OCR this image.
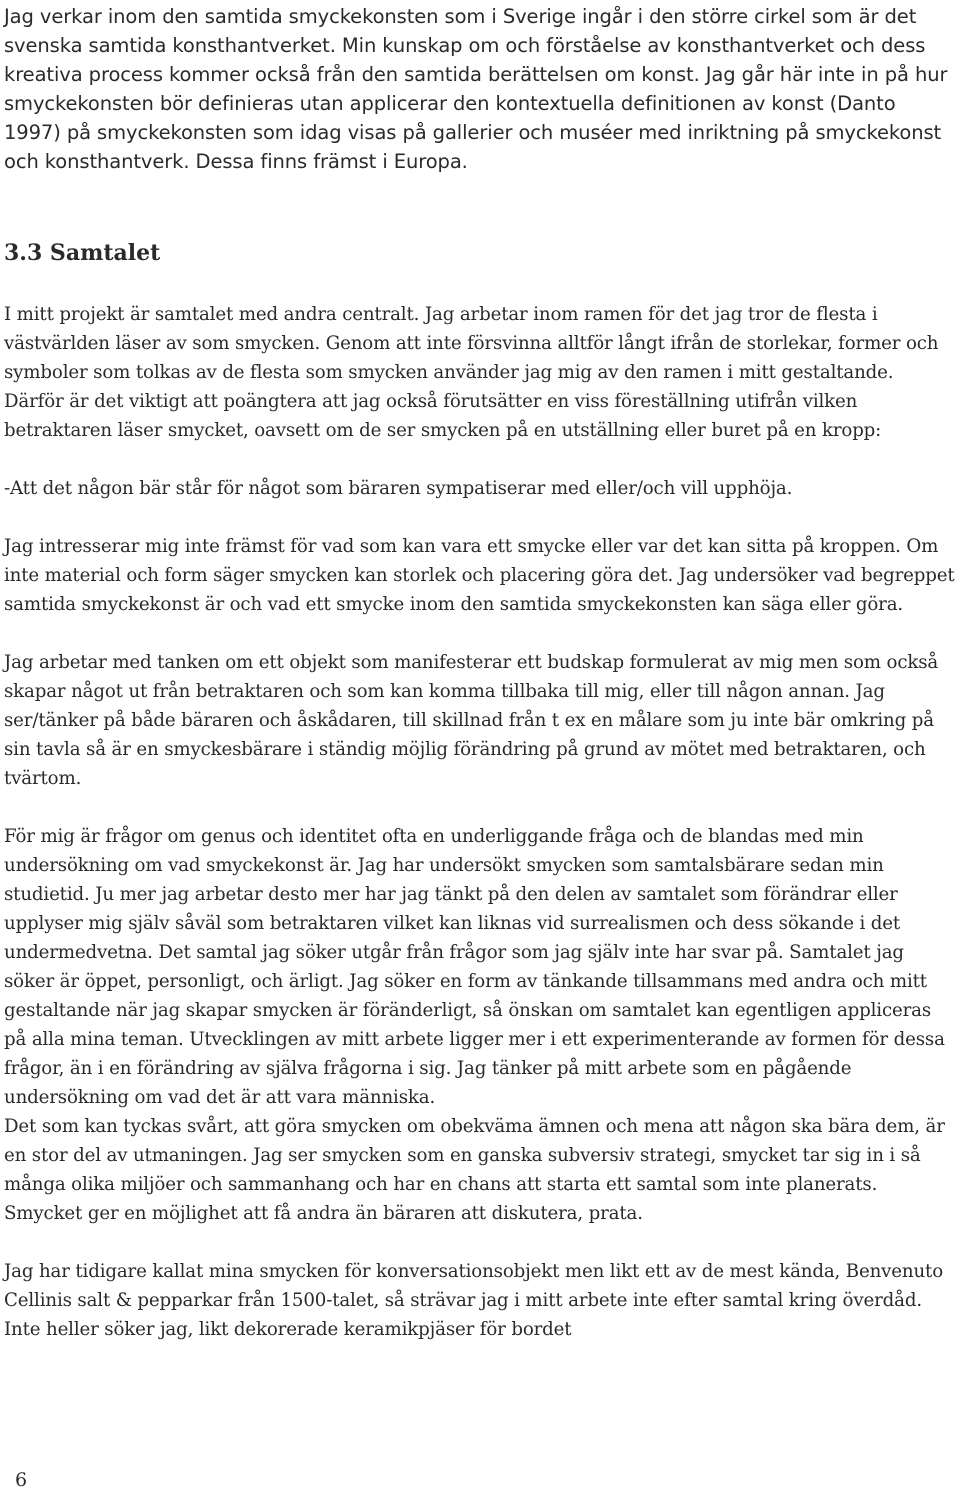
Jag verkar inom den samtida smyckekonsten som i Sverige ingår i den större cirkel som är det svenska samtida konsthantverket. Min kunskap om och förståelse av konsthantverket och dess kreativa process kommer också från den samtida berättelsen om konst. Jag går här inte in på hur smyckekonsten bör definieras utan applicerar den kontextuella definitionen av konst (Danto 1997) på smyckekonsten som idag visas på gallerier och muséer med inriktning på smyckekonst och konsthantverk. Dessa finns främst i Europa.

3.3 Samtalet

I mitt projekt är samtalet med andra centralt. Jag arbetar inom ramen för det jag tror de flesta i västvärlden läser av som smycken. Genom att inte försvinna alltför långt ifrån de storlekar, former och symboler som tolkas av de flesta som smycken använder jag mig av den ramen i mitt gestaltande.

Därför är det viktigt att poängtera att jag också förutsätter en viss föreställning utifrån vilken betraktaren läser smycket, oavsett om de ser smycken på en utställning eller buret på en kropp:

-Att det någon bär står för något som bäraren sympatiserar med eller/och vill upphöja.

Jag intresserar mig inte främst för vad som kan vara ett smycke eller var det kan sitta på kroppen. Om inte material och form säger smycken kan storlek och placering göra det. Jag undersöker vad begreppet samtida smyckekonst är och vad ett smycke inom den samtida smyckekonsten kan säga eller göra.

Jag arbetar med tanken om ett objekt som manifesterar ett budskap formulerat av mig men som också skapar något ut från betraktaren och som kan komma tillbaka till mig, eller till någon annan. Jag ser/tänker på både bäraren och åskådaren, till skillnad från t ex en målare som ju inte bär omkring på sin tavla så är en smyckesbärare i ständig möjlig förändring på grund av mötet med betraktaren, och tvärtom.

För mig är frågor om genus och identitet ofta en underliggande fråga och de blandas med min undersökning om vad smyckekonst är. Jag har undersökt smycken som samtalsbärare sedan min studietid. Ju mer jag arbetar desto mer har jag tänkt på den delen av samtalet som förändrar eller upplyser mig själv såväl som betraktaren vilket kan liknas vid surrealismen och dess sökande i det undermedvetna. Det samtal jag söker utgår från frågor som jag själv inte har svar på. Samtalet jag söker är öppet, personligt, och ärligt. Jag söker en form av tänkande tillsammans med andra och mitt gestaltande när jag skapar smycken är föränderligt, så önskan om samtalet kan egentligen appliceras på alla mina teman. Utvecklingen av mitt arbete ligger mer i ett experimenterande av formen för dessa frågor, än i en förändring av själva frågorna i sig. Jag tänker på mitt arbete som en pågående undersökning om vad det är att vara människa.

Det som kan tyckas svårt, att göra smycken om obekväma ämnen och mena att någon ska bära dem, är en stor del av utmaningen. Jag ser smycken som en ganska subversiv strategi, smycket tar sig in i så många olika miljöer och sammanhang och har en chans att starta ett samtal som inte planerats. Smycket ger en möjlighet att få andra än bäraren att diskutera, prata.

Jag har tidigare kallat mina smycken för konversationsobjekt men likt ett av de mest kända, Benvenuto Cellinis salt & pepparkar från 1500-talet, så strävar jag i mitt arbete inte efter samtal kring överdåd. Inte heller söker jag, likt dekorerade keramikpjäser för bordet

6
